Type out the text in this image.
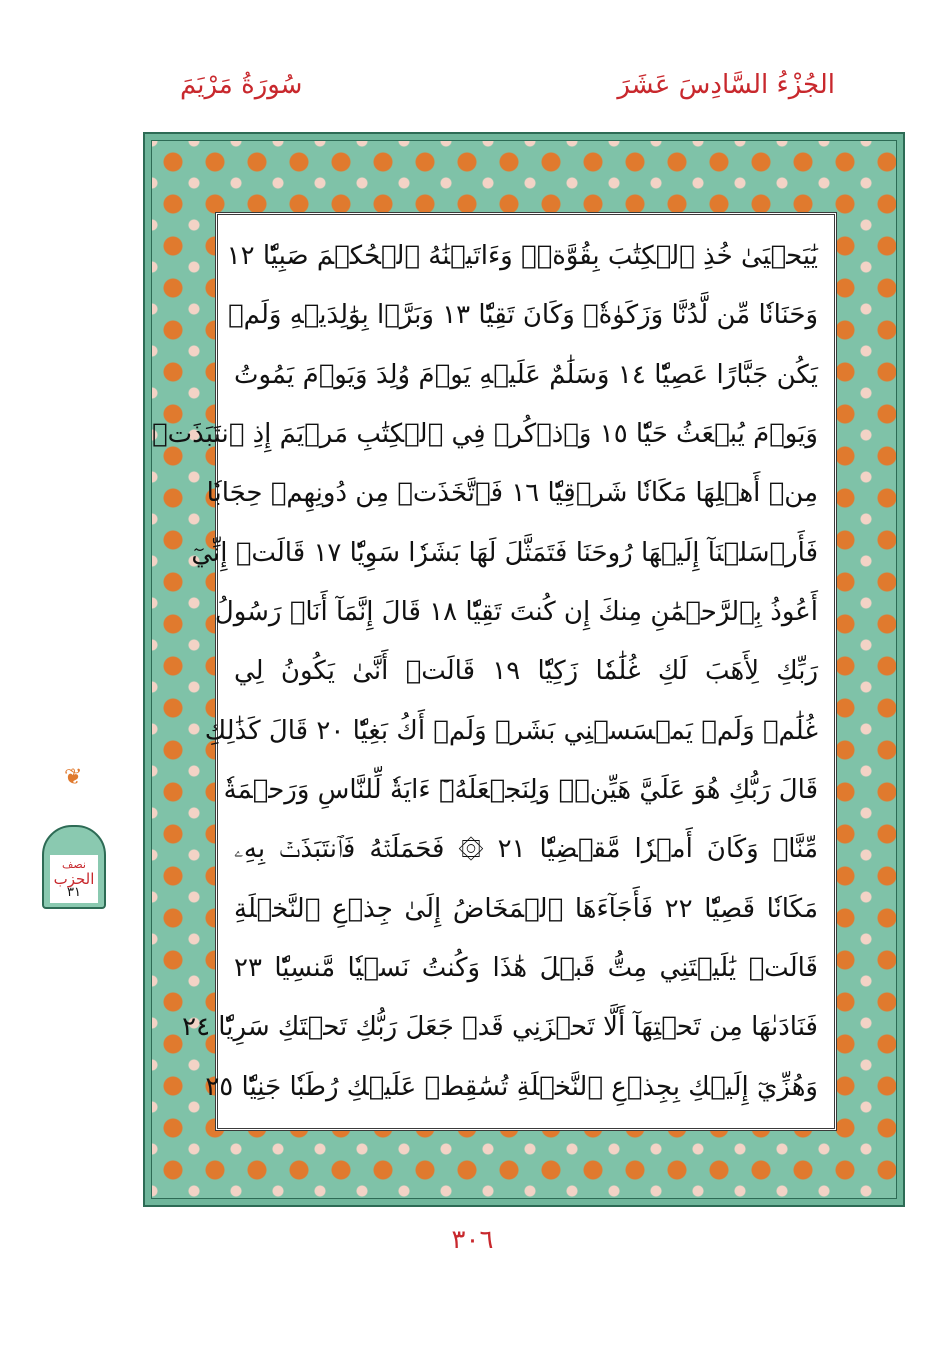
سُورَةُ مَرْيَمَ	الجُزْءُ السَّادِسَ عَشَرَ
يَٰيَحۡيَىٰ خُذِ ٱلۡكِتَٰبَ بِقُوَّةٖۖ وَءَاتَيۡنَٰهُ ٱلۡحُكۡمَ صَبِيّٗا ١٢
وَحَنَانٗا مِّن لَّدُنَّا وَزَكَوٰةٗۖ وَكَانَ تَقِيّٗا ١٣ وَبَرَّۢا بِوَٰلِدَيۡهِ وَلَمۡ
يَكُن جَبَّارًا عَصِيّٗا ١٤ وَسَلَٰمٌ عَلَيۡهِ يَوۡمَ وُلِدَ وَيَوۡمَ يَمُوتُ
وَيَوۡمَ يُبۡعَثُ حَيّٗا ١٥ وَٱذۡكُرۡ فِي ٱلۡكِتَٰبِ مَرۡيَمَ إِذِ ٱنتَبَذَتۡ
مِنۡ أَهۡلِهَا مَكَانٗا شَرۡقِيّٗا ١٦ فَٱتَّخَذَتۡ مِن دُونِهِمۡ حِجَابٗا
فَأَرۡسَلۡنَآ إِلَيۡهَا رُوحَنَا فَتَمَثَّلَ لَهَا بَشَرٗا سَوِيّٗا ١٧ قَالَتۡ إِنِّيٓ
أَعُوذُ بِٱلرَّحۡمَٰنِ مِنكَ إِن كُنتَ تَقِيّٗا ١٨ قَالَ إِنَّمَآ أَنَا۠ رَسُولُ
رَبِّكِ لِأَهَبَ لَكِ غُلَٰمٗا زَكِيّٗا ١٩ قَالَتۡ أَنَّىٰ يَكُونُ لِي
غُلَٰمٞ وَلَمۡ يَمۡسَسۡنِي بَشَرٞ وَلَمۡ أَكُ بَغِيّٗا ٢٠ قَالَ كَذَٰلِكِ
قَالَ رَبُّكِ هُوَ عَلَيَّ هَيِّنٞۖ وَلِنَجۡعَلَهُۥٓ ءَايَةٗ لِّلنَّاسِ وَرَحۡمَةٗ
مِّنَّاۚ وَكَانَ أَمۡرٗا مَّقۡضِيّٗا ٢١ ۞ فَحَمَلَتۡهُ فَٱنتَبَذَتۡ بِهِۦ
مَكَانٗا قَصِيّٗا ٢٢ فَأَجَآءَهَا ٱلۡمَخَاضُ إِلَىٰ جِذۡعِ ٱلنَّخۡلَةِ
قَالَتۡ يَٰلَيۡتَنِي مِتُّ قَبۡلَ هَٰذَا وَكُنتُ نَسۡيٗا مَّنسِيّٗا ٢٣
فَنَادَىٰهَا مِن تَحۡتِهَآ أَلَّا تَحۡزَنِي قَدۡ جَعَلَ رَبُّكِ تَحۡتَكِ سَرِيّٗا ٢٤
وَهُزِّيٓ إِلَيۡكِ بِجِذۡعِ ٱلنَّخۡلَةِ تُسَٰقِطۡ عَلَيۡكِ رُطَبٗا جَنِيّٗا ٢٥
❦
نصف
الحزب
٣١
٣٠٦
